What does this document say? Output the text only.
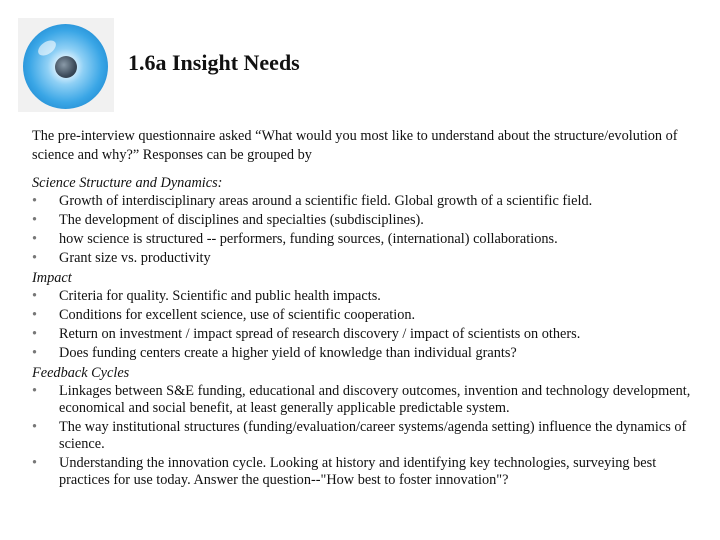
1.6a Insight Needs

The pre-interview questionnaire asked “What would you most like to understand about the structure/evolution of science and why?” Responses can be grouped by

Science Structure and Dynamics:

• Growth of interdisciplinary areas around a scientific field. Global growth of a scientific field.
• The development of disciplines and specialties (subdisciplines).
• how science is structured -- performers, funding sources, (international) collaborations.
• Grant size vs. productivity

Impact

• Criteria for quality. Scientific and public health impacts.
• Conditions for excellent science, use of scientific cooperation.
• Return on investment / impact spread of research discovery / impact of scientists on others.
• Does funding centers create a higher yield of knowledge than individual grants?

Feedback Cycles

• Linkages between S&E funding, educational and discovery outcomes, invention and technology development, economical and social benefit, at least generally applicable predictable system.
• The way institutional structures (funding/evaluation/career systems/agenda setting) influence the dynamics of science.
• Understanding the innovation cycle. Looking at history and identifying key technologies, surveying best practices for use today. Answer the question--"How best to foster innovation"?
